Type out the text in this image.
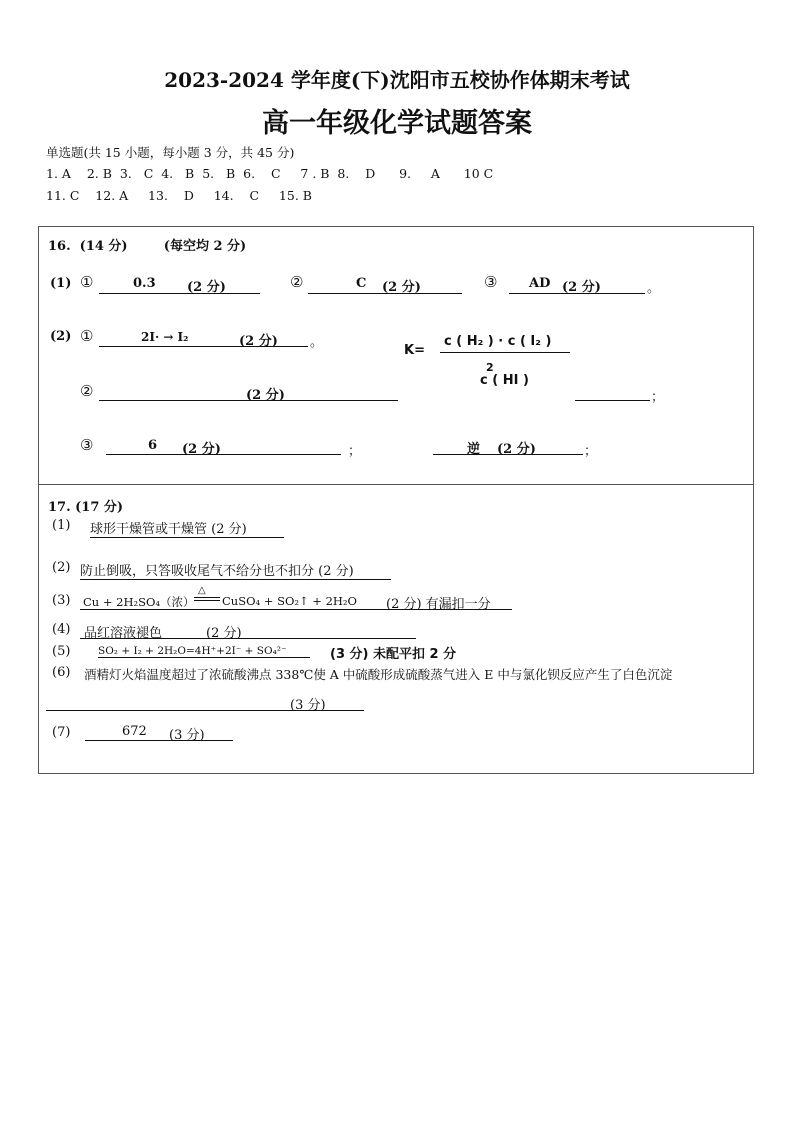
2023-2024 学年度(下)沈阳市五校协作体期末考试
高一年级化学试题答案
单选题(共 15 小题，每小题 3 分，共 45 分)
1. A    2. B  3.   C  4.   B  5.   B  6.    C     7 . B  8.    D      9.     A      10 C
11. C    12. A     13.    D     14.    C     15. B
16.  (14 分)        (每空均 2 分)
(1) ①	0.3 (2 分)	②	C (2 分)	③ AD (2 分)	。
(2) ①	2I· → I₂	(2 分) 。
K=
c ( H₂ ) · c ( I₂ )
2
c ( HI )
②	(2 分)	；
③	6 (2 分)	；	逆 (2 分)	；
17. (17 分)
(1) 球形干燥管或干燥管 (2 分)
(2) 防止倒吸，只答吸收尾气不给分也不扣分 (2 分)
(3) Cu + 2H₂SO₄（浓）
△
CuSO₄ + SO₂↑ + 2H₂O (2 分) 有漏扣一分
(4) 品红溶液褪色	(2 分)
(5)	SO₂ + I₂ + 2H₂O=4H⁺+2I⁻ + SO₄²⁻	(3 分) 未配平扣 2 分
(6) 酒精灯火焰温度超过了浓硫酸沸点 338℃使 A 中硫酸形成硫酸蒸气进入 E 中与氯化钡反应产生了白色沉淀
(3 分)
(7)	672 (3 分)
